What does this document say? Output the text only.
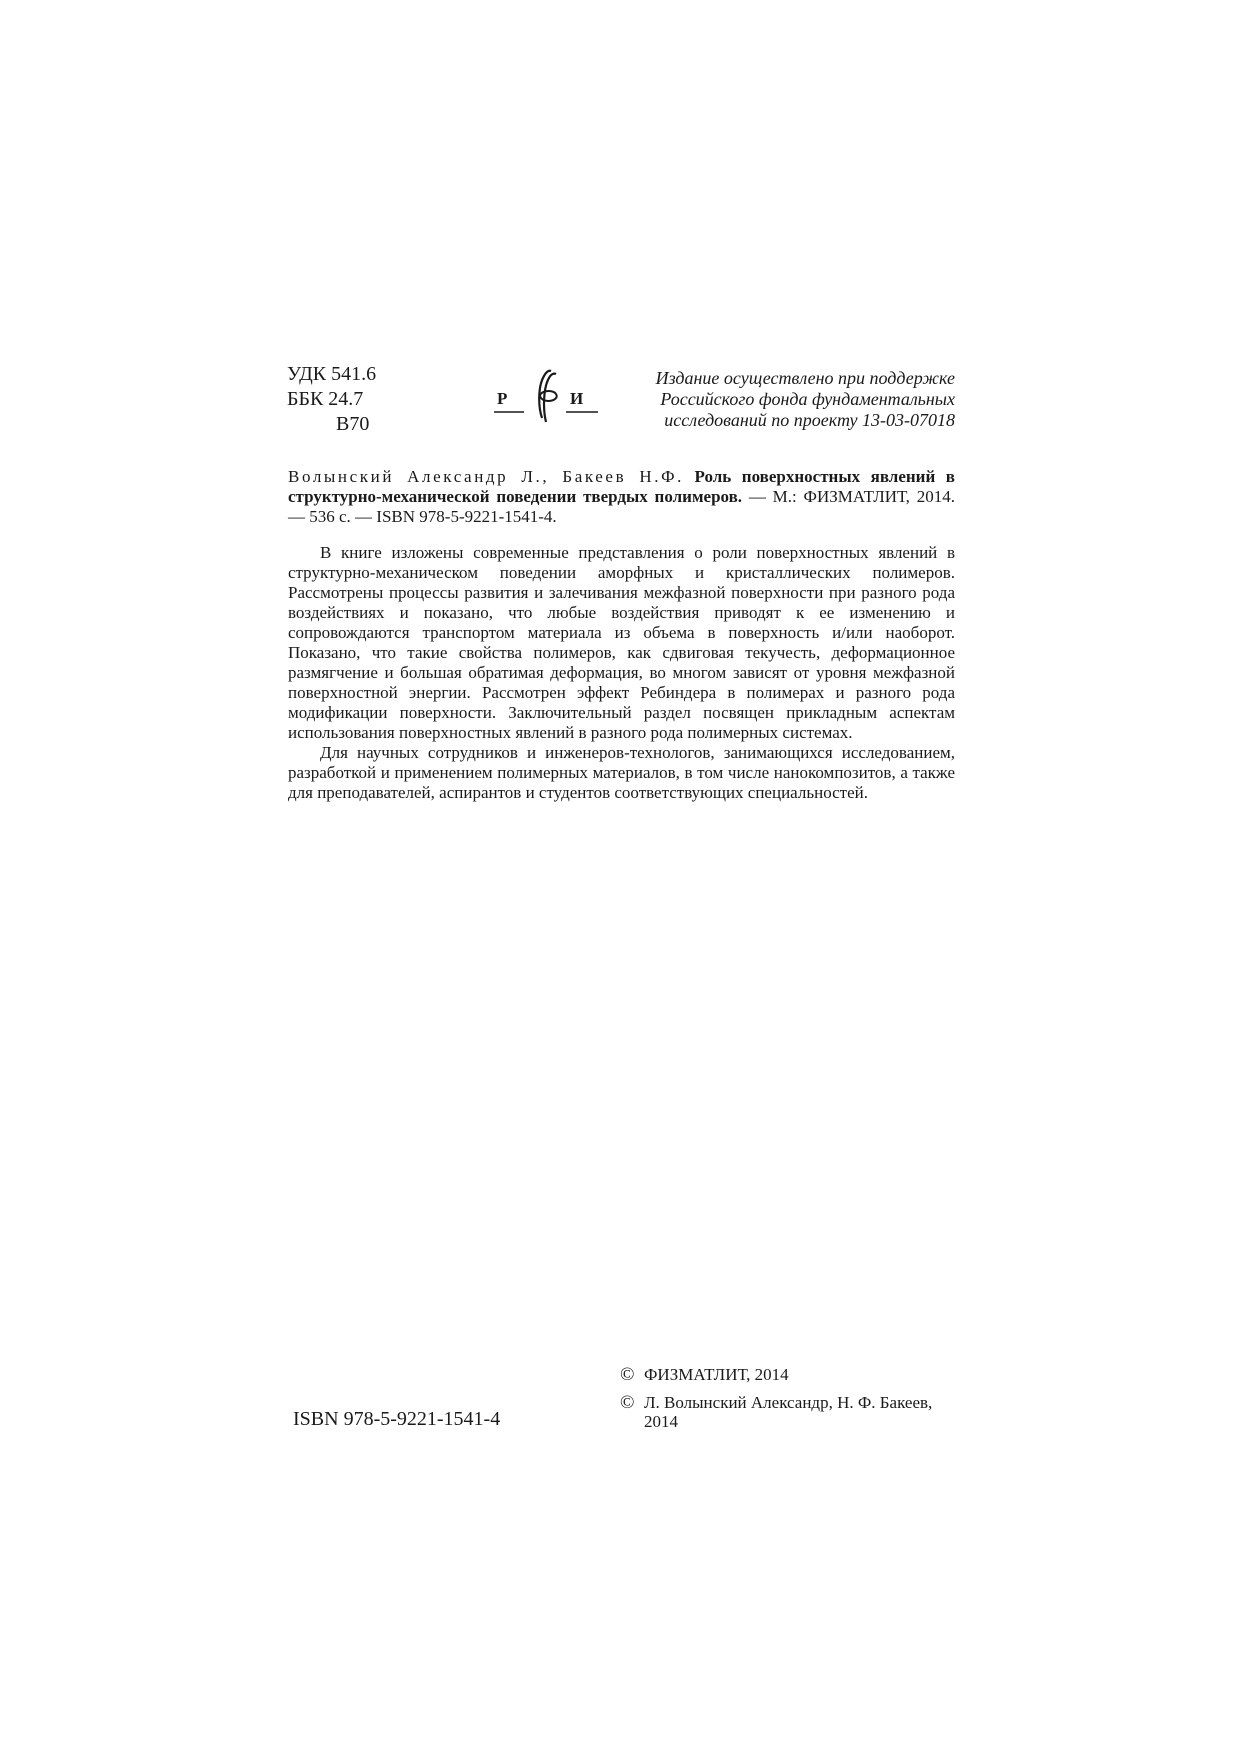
УДК 541.6
ББК 24.7
В70
Р	И
Издание осуществлено при поддержке
Российского фонда фундаментальных
исследований по проекту 13-03-07018
Волынский Александр Л., Бакеев Н.Ф. Роль поверхностных явлений в структурно-механической поведении твердых полимеров. — М.: ФИЗМАТЛИТ, 2014. — 536 с. — ISBN 978-5-9221-1541-4.

В книге изложены современные представления о роли поверхностных явлений в структурно-механическом поведении аморфных и кристаллических полимеров. Рассмотрены процессы развития и залечивания межфазной поверхности при разного рода воздействиях и показано, что любые воздействия приводят к ее изменению и сопровождаются транспортом материала из объема в поверхность и/или наоборот. Показано, что такие свойства полимеров, как сдвиговая текучесть, деформационное размягчение и большая обратимая деформация, во многом зависят от уровня межфазной поверхностной энергии. Рассмотрен эффект Ребиндера в полимерах и разного рода модификации поверхности. Заключительный раздел посвящен прикладным аспектам использования поверхностных явлений в разного рода полимерных системах.

Для научных сотрудников и инженеров-технологов, занимающихся исследованием, разработкой и применением полимерных материалов, в том числе нанокомпозитов, а также для преподавателей, аспирантов и студентов соответствующих специальностей.

ISBN 978-5-9221-1541-4
© ФИЗМАТЛИТ, 2014
© Л. Волынский Александр, Н. Ф. Бакеев, 2014
